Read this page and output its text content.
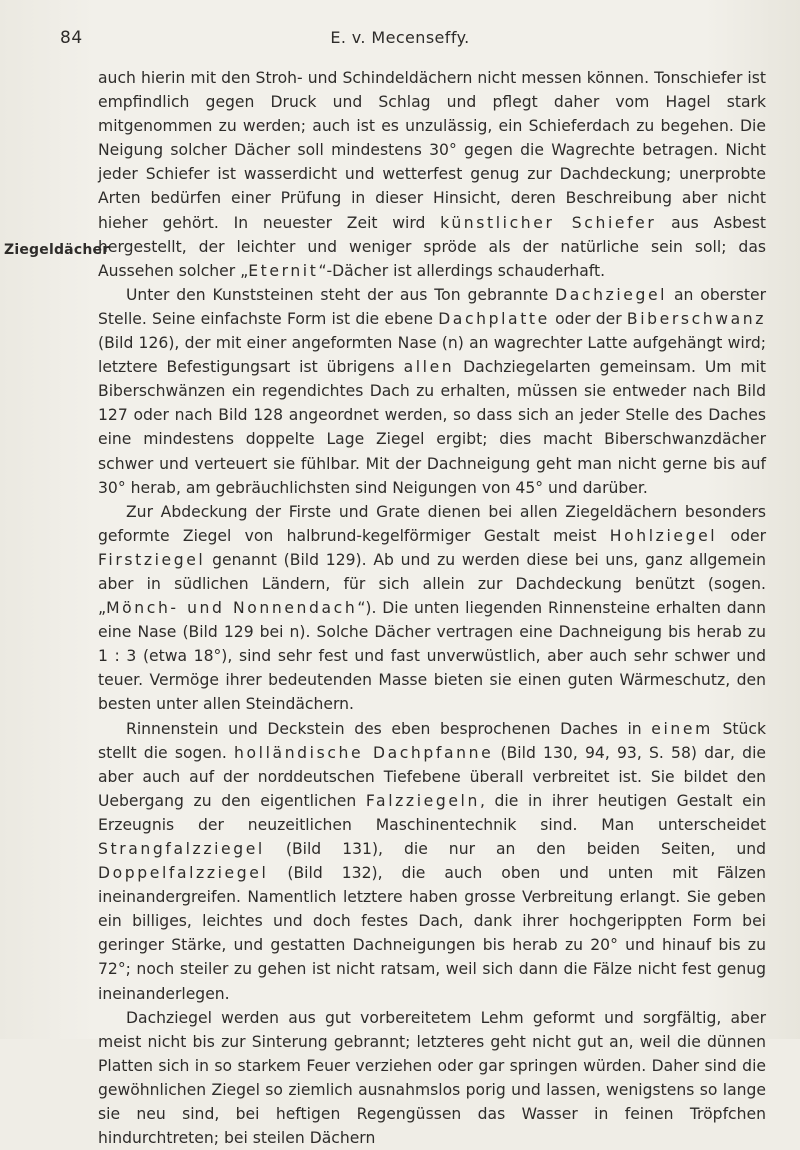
84	E. v. Mecenseffy.
Ziegeldächer

auch hierin mit den Stroh- und Schindeldächern nicht messen können. Tonschiefer ist empfindlich gegen Druck und Schlag und pflegt daher vom Hagel stark mitgenommen zu werden; auch ist es unzulässig, ein Schieferdach zu begehen. Die Neigung solcher Dächer soll mindestens 30° gegen die Wagrechte betragen. Nicht jeder Schiefer ist wasserdicht und wetterfest genug zur Dachdeckung; unerprobte Arten bedürfen einer Prüfung in dieser Hinsicht, deren Beschreibung aber nicht hieher gehört. In neuester Zeit wird künstlicher Schiefer aus Asbest hergestellt, der leichter und weniger spröde als der natürliche sein soll; das Aussehen solcher „Eternit“-Dächer ist allerdings schauderhaft.

Unter den Kunststeinen steht der aus Ton gebrannte Dachziegel an oberster Stelle. Seine einfachste Form ist die ebene Dachplatte oder der Biberschwanz (Bild 126), der mit einer angeformten Nase (n) an wagrechter Latte aufgehängt wird; letztere Befestigungsart ist übrigens allen Dachziegelarten gemeinsam. Um mit Biberschwänzen ein regendichtes Dach zu erhalten, müssen sie entweder nach Bild 127 oder nach Bild 128 angeordnet werden, so dass sich an jeder Stelle des Daches eine mindestens doppelte Lage Ziegel ergibt; dies macht Biberschwanzdächer schwer und verteuert sie fühlbar. Mit der Dachneigung geht man nicht gerne bis auf 30° herab, am gebräuchlichsten sind Neigungen von 45° und darüber.

Zur Abdeckung der Firste und Grate dienen bei allen Ziegeldächern besonders geformte Ziegel von halbrund-kegelförmiger Gestalt meist Hohlziegel oder Firstziegel genannt (Bild 129). Ab und zu werden diese bei uns, ganz allgemein aber in südlichen Ländern, für sich allein zur Dachdeckung benützt (sogen. „Mönch- und Nonnendach“). Die unten liegenden Rinnensteine erhalten dann eine Nase (Bild 129 bei n). Solche Dächer vertragen eine Dachneigung bis herab zu 1 : 3 (etwa 18°), sind sehr fest und fast unverwüstlich, aber auch sehr schwer und teuer. Vermöge ihrer bedeutenden Masse bieten sie einen guten Wärmeschutz, den besten unter allen Steindächern.

Rinnenstein und Deckstein des eben besprochenen Daches in einem Stück stellt die sogen. holländische Dachpfanne (Bild 130, 94, 93, S. 58) dar, die aber auch auf der norddeutschen Tiefebene überall verbreitet ist. Sie bildet den Uebergang zu den eigentlichen Falzziegeln, die in ihrer heutigen Gestalt ein Erzeugnis der neuzeitlichen Maschinentechnik sind. Man unterscheidet Strangfalzziegel (Bild 131), die nur an den beiden Seiten, und Doppelfalzziegel (Bild 132), die auch oben und unten mit Fälzen ineinandergreifen. Namentlich letztere haben grosse Verbreitung erlangt. Sie geben ein billiges, leichtes und doch festes Dach, dank ihrer hochgerippten Form bei geringer Stärke, und gestatten Dachneigungen bis herab zu 20° und hinauf bis zu 72°; noch steiler zu gehen ist nicht ratsam, weil sich dann die Fälze nicht fest genug ineinanderlegen.

Dachziegel werden aus gut vorbereitetem Lehm geformt und sorgfältig, aber meist nicht bis zur Sinterung gebrannt; letzteres geht nicht gut an, weil die dünnen Platten sich in so starkem Feuer verziehen oder gar springen würden. Daher sind die gewöhnlichen Ziegel so ziemlich ausnahmslos porig und lassen, wenigstens so lange sie neu sind, bei heftigen Regengüssen das Wasser in feinen Tröpfchen hindurchtreten; bei steilen Dächern
